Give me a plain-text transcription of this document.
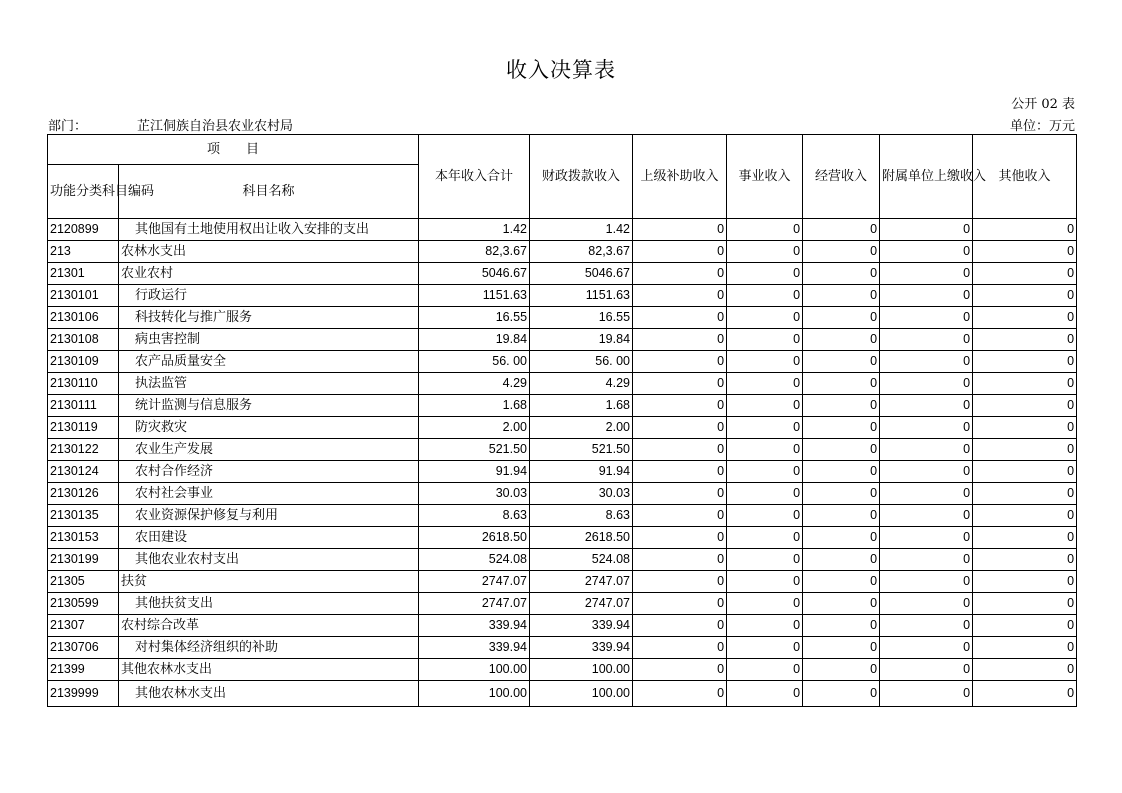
收入决算表
公开 02 表
部门：	芷江侗族自治县农业农村局	单位：万元
项　　目		本年收入合计	财政拨款收入	上级补助收入	事业收入	经营收入	附属单位上缴收入	其他收入
功能分类科目编码	科目名称							
2120899	其他国有土地使用权出让收入安排的支出	1.42	1.42	0	0	0	0	0
213	农林水支出	82,3.67	82,3.67	0	0	0	0	0
21301	农业农村	5046.67	5046.67	0	0	0	0	0
2130101	行政运行	1151.63	1151.63	0	0	0	0	0
2130106	科技转化与推广服务	16.55	16.55	0	0	0	0	0
2130108	病虫害控制	19.84	19.84	0	0	0	0	0
2130109	农产品质量安全	56. 00	56. 00	0	0	0	0	0
2130110	执法监管	4.29	4.29	0	0	0	0	0
2130111	统计监测与信息服务	1.68	1.68	0	0	0	0	0
2130119	防灾救灾	2.00	2.00	0	0	0	0	0
2130122	农业生产发展	521.50	521.50	0	0	0	0	0
2130124	农村合作经济	91.94	91.94	0	0	0	0	0
2130126	农村社会事业	30.03	30.03	0	0	0	0	0
2130135	农业资源保护修复与利用	8.63	8.63	0	0	0	0	0
2130153	农田建设	2618.50	2618.50	0	0	0	0	0
2130199	其他农业农村支出	524.08	524.08	0	0	0	0	0
21305	扶贫	2747.07	2747.07	0	0	0	0	0
2130599	其他扶贫支出	2747.07	2747.07	0	0	0	0	0
21307	农村综合改革	339.94	339.94	0	0	0	0	0
2130706	对村集体经济组织的补助	339.94	339.94	0	0	0	0	0
21399	其他农林水支出	100.00	100.00	0	0	0	0	0
2139999	其他农林水支出	100.00	100.00	0	0	0	0	0
